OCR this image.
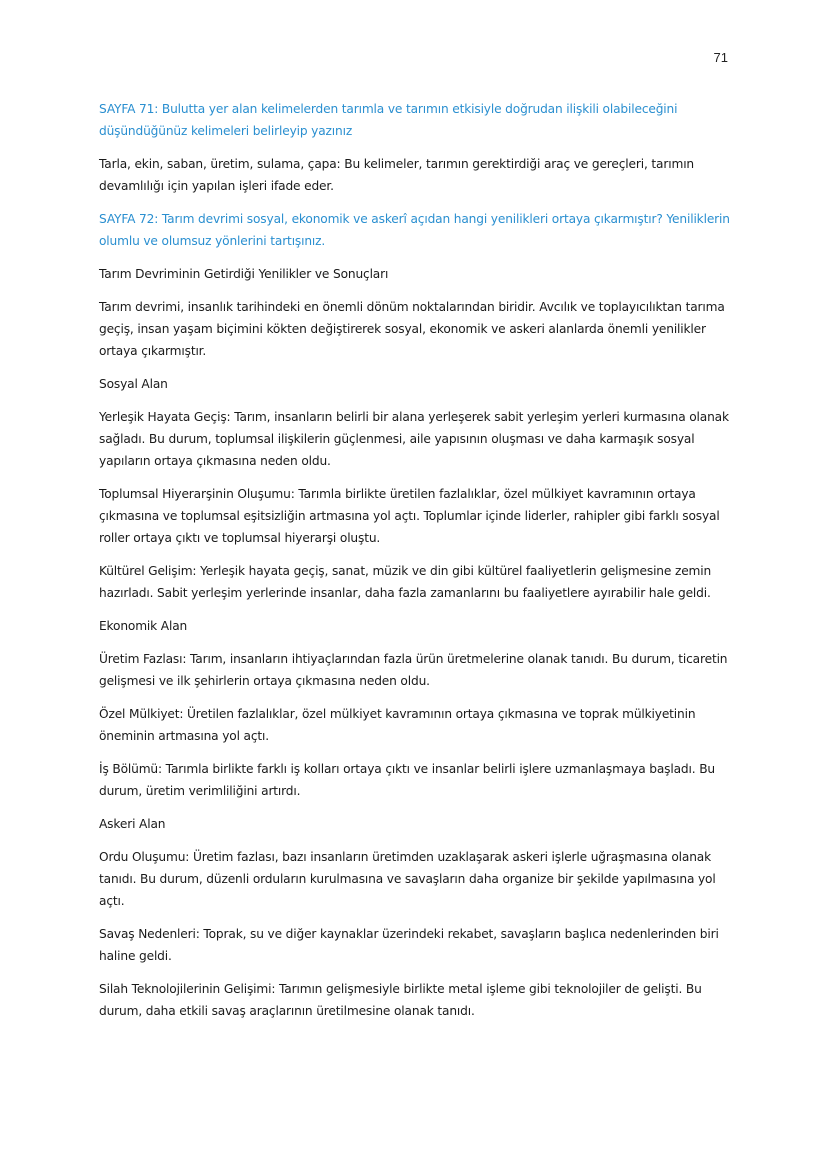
71

SAYFA 71: Bulutta yer alan kelimelerden tarımla ve tarımın etkisiyle doğrudan ilişkili olabileceğini düşündüğünüz kelimeleri belirleyip yazınız

Tarla, ekin, saban, üretim, sulama, çapa: Bu kelimeler, tarımın gerektirdiği araç ve gereçleri, tarımın devamlılığı için yapılan işleri ifade eder.

SAYFA 72: Tarım devrimi sosyal, ekonomik ve askerî açıdan hangi yenilikleri ortaya çıkarmıştır? Yeniliklerin olumlu ve olumsuz yönlerini tartışınız.

Tarım Devriminin Getirdiği Yenilikler ve Sonuçları

Tarım devrimi, insanlık tarihindeki en önemli dönüm noktalarından biridir. Avcılık ve toplayıcılıktan tarıma geçiş, insan yaşam biçimini kökten değiştirerek sosyal, ekonomik ve askeri alanlarda önemli yenilikler ortaya çıkarmıştır.

Sosyal Alan

Yerleşik Hayata Geçiş: Tarım, insanların belirli bir alana yerleşerek sabit yerleşim yerleri kurmasına olanak sağladı. Bu durum, toplumsal ilişkilerin güçlenmesi, aile yapısının oluşması ve daha karmaşık sosyal yapıların ortaya çıkmasına neden oldu.

Toplumsal Hiyerarşinin Oluşumu: Tarımla birlikte üretilen fazlalıklar, özel mülkiyet kavramının ortaya çıkmasına ve toplumsal eşitsizliğin artmasına yol açtı. Toplumlar içinde liderler, rahipler gibi farklı sosyal roller ortaya çıktı ve toplumsal hiyerarşi oluştu.

Kültürel Gelişim: Yerleşik hayata geçiş, sanat, müzik ve din gibi kültürel faaliyetlerin gelişmesine zemin hazırladı. Sabit yerleşim yerlerinde insanlar, daha fazla zamanlarını bu faaliyetlere ayırabilir hale geldi.

Ekonomik Alan

Üretim Fazlası: Tarım, insanların ihtiyaçlarından fazla ürün üretmelerine olanak tanıdı. Bu durum, ticaretin gelişmesi ve ilk şehirlerin ortaya çıkmasına neden oldu.

Özel Mülkiyet: Üretilen fazlalıklar, özel mülkiyet kavramının ortaya çıkmasına ve toprak mülkiyetinin öneminin artmasına yol açtı.

İş Bölümü: Tarımla birlikte farklı iş kolları ortaya çıktı ve insanlar belirli işlere uzmanlaşmaya başladı. Bu durum, üretim verimliliğini artırdı.

Askeri Alan

Ordu Oluşumu: Üretim fazlası, bazı insanların üretimden uzaklaşarak askeri işlerle uğraşmasına olanak tanıdı. Bu durum, düzenli orduların kurulmasına ve savaşların daha organize bir şekilde yapılmasına yol açtı.

Savaş Nedenleri: Toprak, su ve diğer kaynaklar üzerindeki rekabet, savaşların başlıca nedenlerinden biri haline geldi.

Silah Teknolojilerinin Gelişimi: Tarımın gelişmesiyle birlikte metal işleme gibi teknolojiler de gelişti. Bu durum, daha etkili savaş araçlarının üretilmesine olanak tanıdı.
